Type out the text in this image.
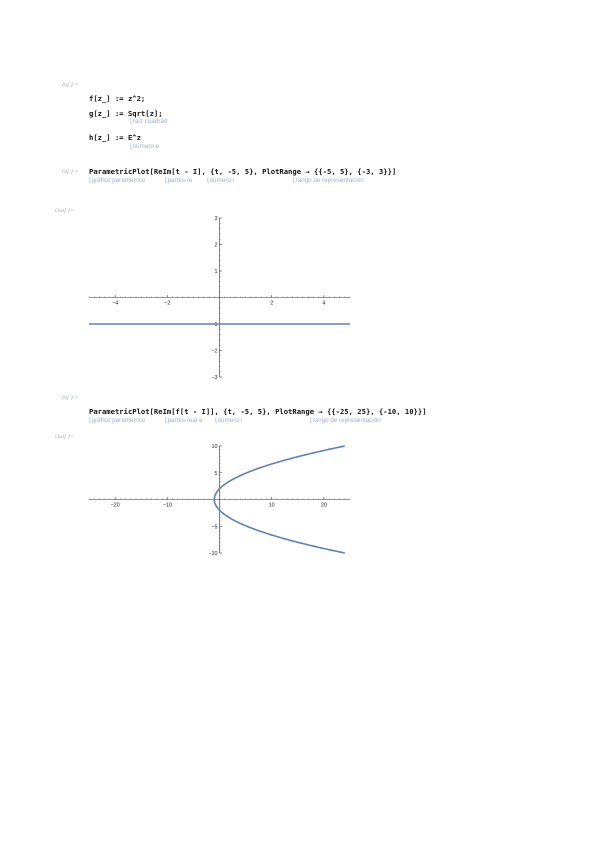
In[ ]:=
f[z_] := z^2;
g[z_] := Sqrt[z];
⌊raíz cuadrad
h[z_] := E^z
⌊número e
In[ ]:= ParametricPlot[ReIm[t - I], {t, -5, 5}, PlotRange → {{-5, 5}, {-3, 3}}]
⌊gráfico paramétrico	⌊partes re ⌊número i	⌊rango de representación
Out[ ]=
In[ ]:=
ParametricPlot[ReIm[f[t - I]], {t, -5, 5}, PlotRange → {{-25, 25}, {-10, 10}}]
⌊gráfico paramétrico	⌊partes real e ⌊número i	⌊rango de representación
Out[ ]=
−4	−2	2	4
−3
−2
−1
1
2
3
−20	−10	10	20
−10
−5
5
10
